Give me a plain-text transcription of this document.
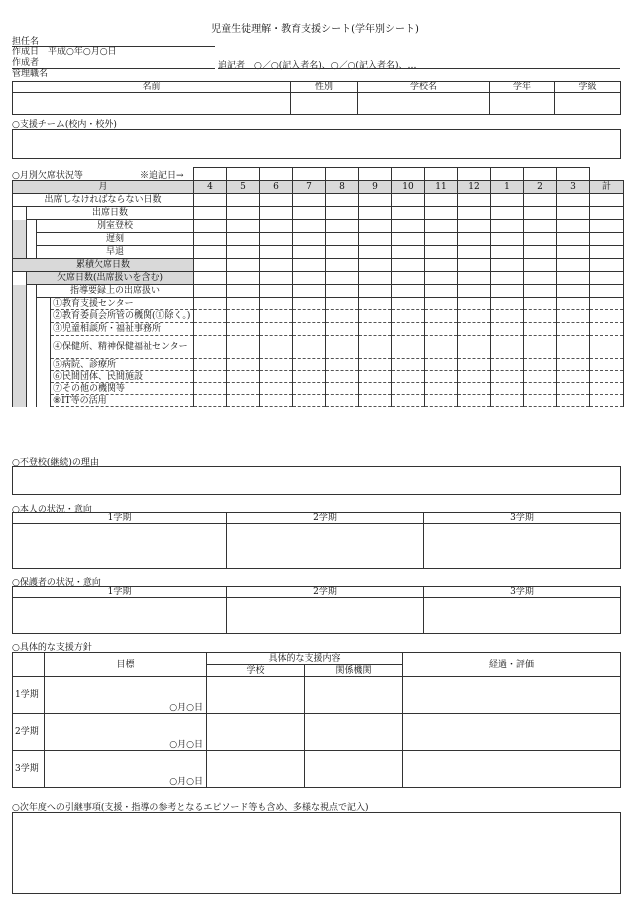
児童生徒理解・教育支援シート(学年別シート)
担任名
作成日　平成○年○月○日
作成者	追記者　○／○(記入者名)、○／○(記入者名)、…
管理職名
名前	性別	学校名	学年	学級

○支援チーム(校内・校外)
○月別欠席状況等	※追記日→

月				4	5	6	7	8	9	10	11	12	1	2	3	計
出席しなければならない日数																
	出席日数															
		別室登校														
		遅刻														
		早退														
累積欠席日数																
	欠席日数(出席扱いを含む)															
		指導要録上の出席扱い														
			①教育支援センター													
			②教育委員会所管の機関(①除く。)													
			③児童相談所・福祉事務所													
			④保健所、精神保健福祉センター													
			⑤病院、診療所													
			⑥民間団体、民間施設													
			⑦その他の機関等													
			⑧IT等の活用													
○不登校(継続)の理由
○本人の状況・意向
1学期	2学期	3学期

○保護者の状況・意向
1学期	2学期	3学期

○具体的な支援方針
	目標	具体的な支援内容		経過・評価
		学校	関係機関	
1学期	○月○日			
2学期	○月○日			
3学期	○月○日			
○次年度への引継事項(支援・指導の参考となるエピソード等も含め、多様な視点で記入)
